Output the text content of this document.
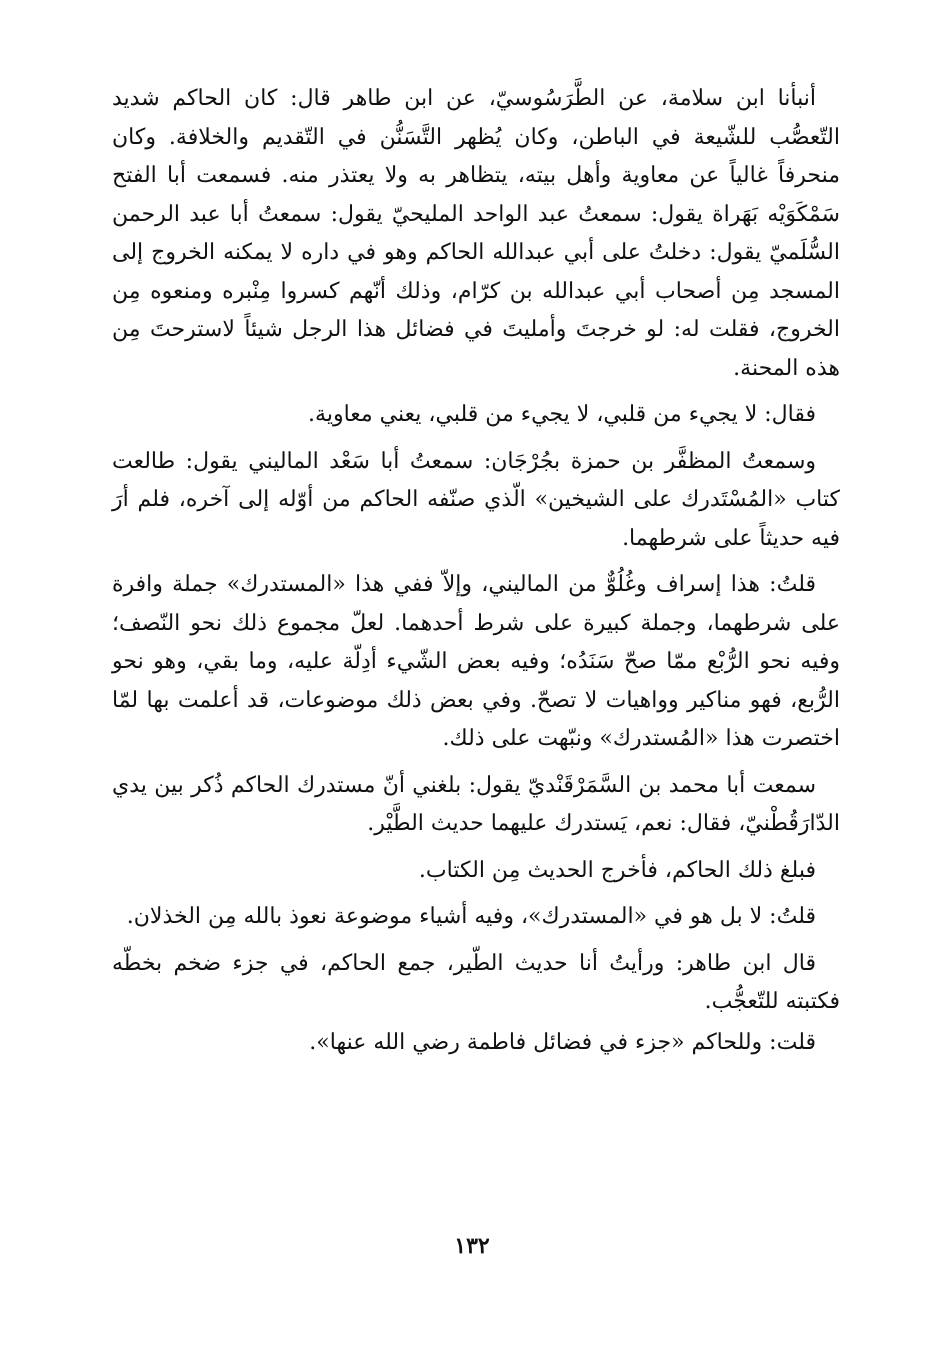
أنبأنا ابن سلامة، عن الطَّرَسُوسيّ، عن ابن طاهر قال: كان الحاكم شديد التّعصُّب للشّيعة في الباطن، وكان يُظهر التَّسَنُّن في التّقديم والخلافة. وكان منحرفاً غالياً عن معاوية وأهل بيته، يتظاهر به ولا يعتذر منه. فسمعت أبا الفتح سَمْكَوَيْه بَهَراة يقول: سمعتُ عبد الواحد المليحيّ يقول: سمعتُ أبا عبد الرحمن السُّلَميّ يقول: دخلتُ على أبي عبدالله الحاكم وهو في داره لا يمكنه الخروج إلى المسجد مِن أصحاب أبي عبدالله بن كرّام، وذلك أنّهم كسروا مِنْبره ومنعوه مِن الخروج، فقلت له: لو خرجتَ وأمليتَ في فضائل هذا الرجل شيئاً لاسترحتَ مِن هذه المحنة.

فقال: لا يجيء من قلبي، لا يجيء من قلبي، يعني معاوية.

وسمعتُ المظفَّر بن حمزة بجُرْجَان: سمعتُ أبا سَعْد الماليني يقول: طالعت كتاب «المُسْتَدرك على الشيخين» الّذي صنّفه الحاكم من أوّله إلى آخره، فلم أرَ فيه حديثاً على شرطهما.

قلتُ: هذا إسراف وغُلُوٌّ من الماليني، وإلاّ ففي هذا «المستدرك» جملة وافرة على شرطهما، وجملة كبيرة على شرط أحدهما. لعلّ مجموع ذلك نحو النّصف؛ وفيه نحو الرُّبْع ممّا صحّ سَنَدُه؛ وفيه بعض الشّيء أدِلّة عليه، وما بقي، وهو نحو الرُّبع، فهو مناكير وواهيات لا تصحّ. وفي بعض ذلك موضوعات، قد أعلمت بها لمّا اختصرت هذا «المُستدرك» ونبّهت على ذلك.

سمعت أبا محمد بن السَّمَرْقَنْديّ يقول: بلغني أنّ مستدرك الحاكم ذُكر بين يدي الدّارَقُطْنيّ، فقال: نعم، يَستدرك عليهما حديث الطَّيْر.

فبلغ ذلك الحاكم، فأخرج الحديث مِن الكتاب.

قلتُ: لا بل هو في «المستدرك»، وفيه أشياء موضوعة نعوذ بالله مِن الخذلان.

قال ابن طاهر: ورأيتُ أنا حديث الطّير، جمع الحاكم، في جزء ضخم بخطّه فكتبته للتّعجُّب.

قلت: وللحاكم «جزء في فضائل فاطمة رضي الله عنها».

١٣٢
